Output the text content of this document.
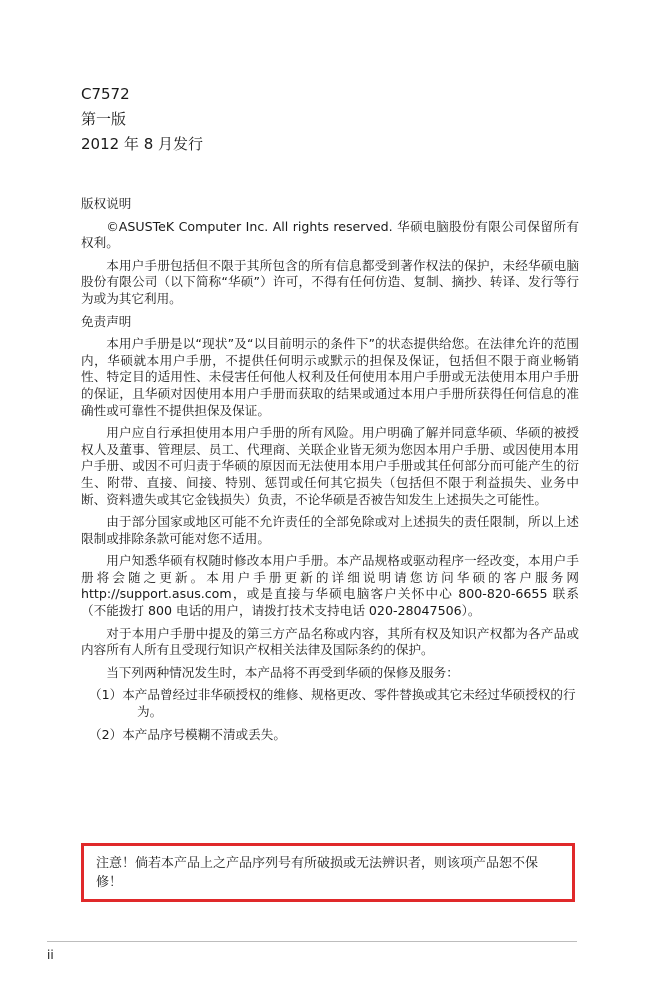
C7572
第一版
2012 年 8 月发行
版权说明
©ASUSTeK Computer Inc. All rights reserved. 华硕电脑股份有限公司保留所有权利。
本用户手册包括但不限于其所包含的所有信息都受到著作权法的保护，未经华硕电脑股份有限公司（以下简称“华硕”）许可，不得有任何仿造、复制、摘抄、转译、发行等行为或为其它利用。
免责声明
本用户手册是以“现状”及“以目前明示的条件下”的状态提供给您。在法律允许的范围内，华硕就本用户手册，不提供任何明示或默示的担保及保证，包括但不限于商业畅销性、特定目的适用性、未侵害任何他人权利及任何使用本用户手册或无法使用本用户手册的保证，且华硕对因使用本用户手册而获取的结果或通过本用户手册所获得任何信息的准确性或可靠性不提供担保及保证。
用户应自行承担使用本用户手册的所有风险。用户明确了解并同意华硕、华硕的被授权人及董事、管理层、员工、代理商、关联企业皆无须为您因本用户手册、或因使用本用户手册、或因不可归责于华硕的原因而无法使用本用户手册或其任何部分而可能产生的衍生、附带、直接、间接、特别、惩罚或任何其它损失（包括但不限于利益损失、业务中断、资料遗失或其它金钱损失）负责，不论华硕是否被告知发生上述损失之可能性。
由于部分国家或地区可能不允许责任的全部免除或对上述损失的责任限制，所以上述限制或排除条款可能对您不适用。
用户知悉华硕有权随时修改本用户手册。本产品规格或驱动程序一经改变，本用户手册将会随之更新。本用户手册更新的详细说明请您访问华硕的客户服务网http://support.asus.com，或是直接与华硕电脑客户关怀中心 800-820-6655 联系（不能拨打 800 电话的用户，请拨打技术支持电话 020-28047506）。
对于本用户手册中提及的第三方产品名称或内容，其所有权及知识产权都为各产品或内容所有人所有且受现行知识产权相关法律及国际条约的保护。
当下列两种情况发生时，本产品将不再受到华硕的保修及服务：
（1）本产品曾经过非华硕授权的维修、规格更改、零件替换或其它未经过华硕授权的行为。
（2）本产品序号模糊不清或丢失。
注意！倘若本产品上之产品序列号有所破损或无法辨识者，则该项产品恕不保修！
ii
